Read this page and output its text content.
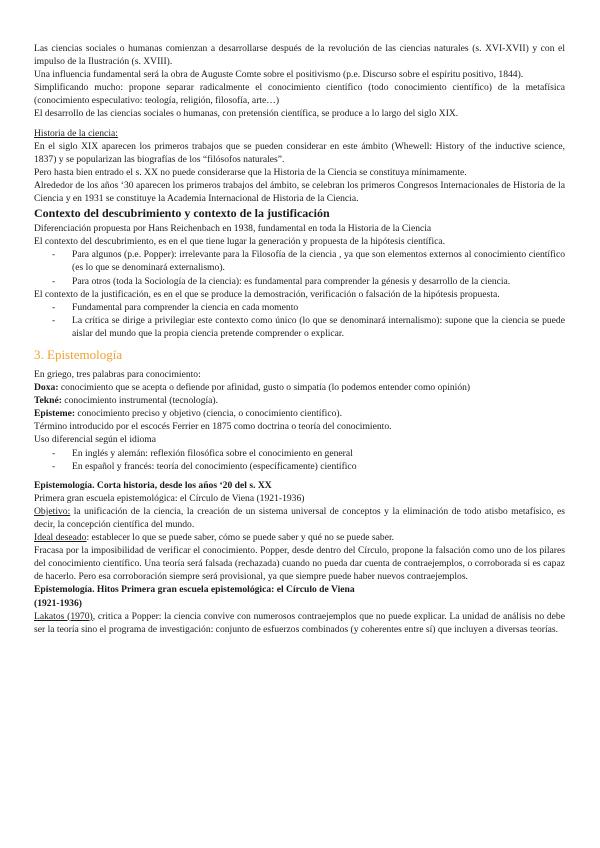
Las ciencias sociales o humanas comienzan a desarrollarse después de la revolución de las ciencias naturales (s. XVI-XVII) y con el impulso de la Ilustración (s. XVIII).

Una influencia fundamental será la obra de Auguste Comte sobre el positivismo (p.e. Discurso sobre el espíritu positivo, 1844).

Simplificando mucho: propone separar radicalmente el conocimiento científico (todo conocimiento científico) de la metafísica (conocimiento especulativo: teología, religión, filosofía, arte…)

El desarrollo de las ciencias sociales o humanas, con pretensión científica, se produce a lo largo del siglo XIX.

Historia de la ciencia:

En el siglo XIX aparecen los primeros trabajos que se pueden considerar en este ámbito (Whewell: History of the inductive science, 1837) y se popularizan las biografías de los “filósofos naturales”.

Pero hasta bien entrado el s. XX no puede considerarse que la Historia de la Ciencia se constituya mínimamente.

Alrededor de los años ‘30 aparecen los primeros trabajos del ámbito, se celebran los primeros Congresos Internacionales de Historia de la Ciencia y en 1931 se constituye la Academia Internacional de Historia de la Ciencia.

Contexto del descubrimiento y contexto de la justificación

Diferenciación propuesta por Hans Reichenbach en 1938, fundamental en toda la Historia de la Ciencia

El contexto del descubrimiento, es en el que tiene lugar la generación y propuesta de la hipótesis científica.

- Para algunos (p.e. Popper): irrelevante para la Filosofía de la ciencia , ya que son elementos externos al conocimiento científico (es lo que se denominará externalismo).
- Para otros (toda la Sociología de la ciencia): es fundamental para comprender la génesis y desarrollo de la ciencia.

El contexto de la justificación, es en el que se produce la demostración, verificación o falsación de la hipótesis propuesta.

- Fundamental para comprender la ciencia en cada momento
- La crítica se dirige a privilegiar este contexto como único (lo que se denominará internalismo): supone que la ciencia se puede aislar del mundo que la propia ciencia pretende comprender o explicar.
3. Epistemología

En griego, tres palabras para conocimiento:

Doxa: conocimiento que se acepta o defiende por afinidad, gusto o simpatía (lo podemos entender como opinión)

Tekné: conocimiento instrumental (tecnología).

Episteme: conocimiento preciso y objetivo (ciencia, o conocimiento científico).

Término introducido por el escocés Ferrier en 1875 como doctrina o teoría del conocimiento.

Uso diferencial según el idioma

- En inglés y alemán: reflexión filosófica sobre el conocimiento en general
- En español y francés: teoría del conocimiento (específicamente) científico

Epistemología. Corta historia, desde los años ‘20 del s. XX

Primera gran escuela epistemológica: el Círculo de Viena (1921-1936)

Objetivo: la unificación de la ciencia, la creación de un sistema universal de conceptos y la eliminación de todo atisbo metafísico, es decir, la concepción científica del mundo.

Ideal deseado: establecer lo que se puede saber, cómo se puede saber y qué no se puede saber.

Fracasa por la imposibilidad de verificar el conocimiento. Popper, desde dentro del Círculo, propone la falsación como uno de los pilares del conocimiento científico. Una teoría será falsada (rechazada) cuando no pueda dar cuenta de contraejemplos, o corroborada si es capaz de hacerlo. Pero esa corroboración siempre será provisional, ya que siempre puede haber nuevos contraejemplos.

Epistemología. Hitos Primera gran escuela epistemológica: el Círculo de Viena

(1921-1936)

Lakatos (1970), critica a Popper: la ciencia convive con numerosos contraejemplos que no puede explicar. La unidad de análisis no debe ser la teoría sino el programa de investigación: conjunto de esfuerzos combinados (y coherentes entre sí) que incluyen a diversas teorías.
